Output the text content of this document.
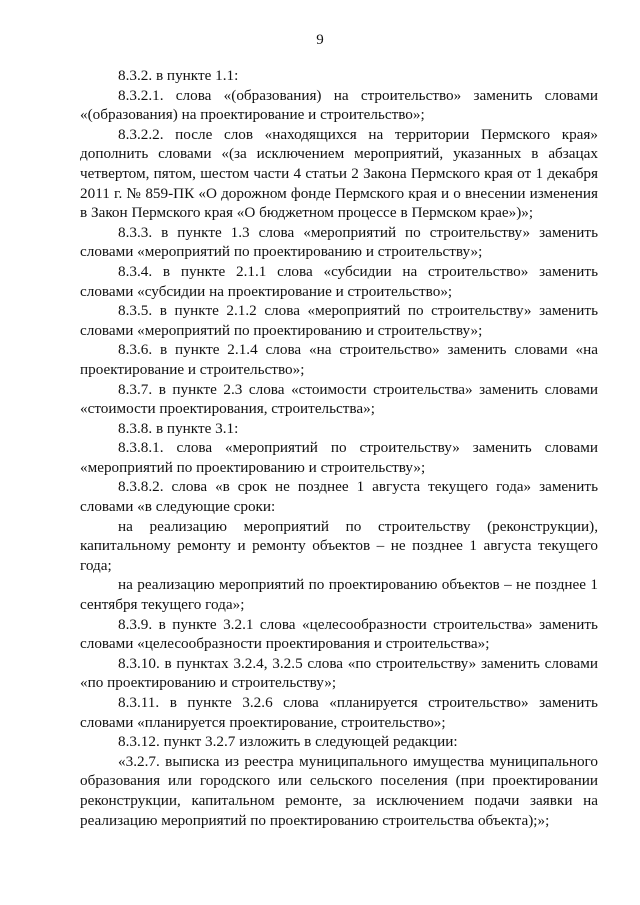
9

8.3.2. в пункте 1.1:

8.3.2.1. слова «(образования) на строительство» заменить словами «(образования) на проектирование и строительство»;

8.3.2.2. после слов «находящихся на территории Пермского края» дополнить словами «(за исключением мероприятий, указанных в абзацах четвертом, пятом, шестом части 4 статьи 2 Закона Пермского края от 1 декабря 2011 г. № 859-ПК «О дорожном фонде Пермского края и о внесении изменения в Закон Пермского края «О бюджетном процессе в Пермском крае»)»;

8.3.3. в пункте 1.3 слова «мероприятий по строительству» заменить словами «мероприятий по проектированию и строительству»;

8.3.4. в пункте 2.1.1 слова «субсидии на строительство» заменить словами «субсидии на проектирование и строительство»;

8.3.5. в пункте 2.1.2 слова «мероприятий по строительству» заменить словами «мероприятий по проектированию и строительству»;

8.3.6. в пункте 2.1.4 слова «на строительство» заменить словами «на проектирование и строительство»;

8.3.7. в пункте 2.3 слова «стоимости строительства» заменить словами «стоимости проектирования, строительства»;

8.3.8. в пункте 3.1:

8.3.8.1. слова «мероприятий по строительству» заменить словами «мероприятий по проектированию и строительству»;

8.3.8.2. слова «в срок не позднее 1 августа текущего года» заменить словами «в следующие сроки:

на реализацию мероприятий по строительству (реконструкции), капитальному ремонту и ремонту объектов – не позднее 1 августа текущего года;

на реализацию мероприятий по проектированию объектов – не позднее 1 сентября текущего года»;

8.3.9. в пункте 3.2.1 слова «целесообразности строительства» заменить словами «целесообразности проектирования и строительства»;

8.3.10. в пунктах 3.2.4, 3.2.5 слова «по строительству» заменить словами «по проектированию и строительству»;

8.3.11. в пункте 3.2.6 слова «планируется строительство» заменить словами «планируется проектирование, строительство»;

8.3.12. пункт 3.2.7 изложить в следующей редакции:

«3.2.7. выписка из реестра муниципального имущества муниципального образования или городского или сельского поселения (при проектировании реконструкции, капитальном ремонте, за исключением подачи заявки на реализацию мероприятий по проектированию строительства объекта);»;
